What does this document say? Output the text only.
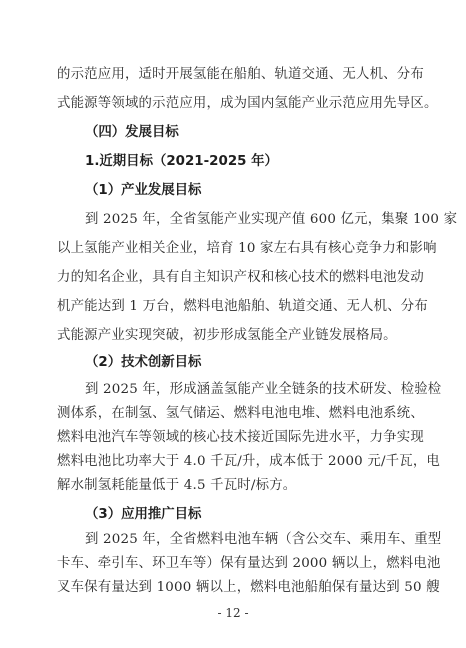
的示范应用，适时开展氢能在船舶、轨道交通、无人机、分布
式能源等领域的示范应用，成为国内氢能产业示范应用先导区。
（四）发展目标
1.近期目标（2021-2025 年）
（1）产业发展目标
到 2025 年，全省氢能产业实现产值 600 亿元，集聚 100 家
以上氢能产业相关企业，培育 10 家左右具有核心竞争力和影响
力的知名企业，具有自主知识产权和核心技术的燃料电池发动
机产能达到 1 万台，燃料电池船舶、轨道交通、无人机、分布
式能源产业实现突破，初步形成氢能全产业链发展格局。
（2）技术创新目标
到 2025 年，形成涵盖氢能产业全链条的技术研发、检验检
测体系，在制氢、氢气储运、燃料电池电堆、燃料电池系统、
燃料电池汽车等领域的核心技术接近国际先进水平，力争实现
燃料电池比功率大于 4.0 千瓦/升，成本低于 2000 元/千瓦，电
解水制氢耗能量低于 4.5 千瓦时/标方。
（3）应用推广目标
到 2025 年，全省燃料电池车辆（含公交车、乘用车、重型
卡车、牵引车、环卫车等）保有量达到 2000 辆以上，燃料电池
叉车保有量达到 1000 辆以上，燃料电池船舶保有量达到 50 艘
- 12 -
